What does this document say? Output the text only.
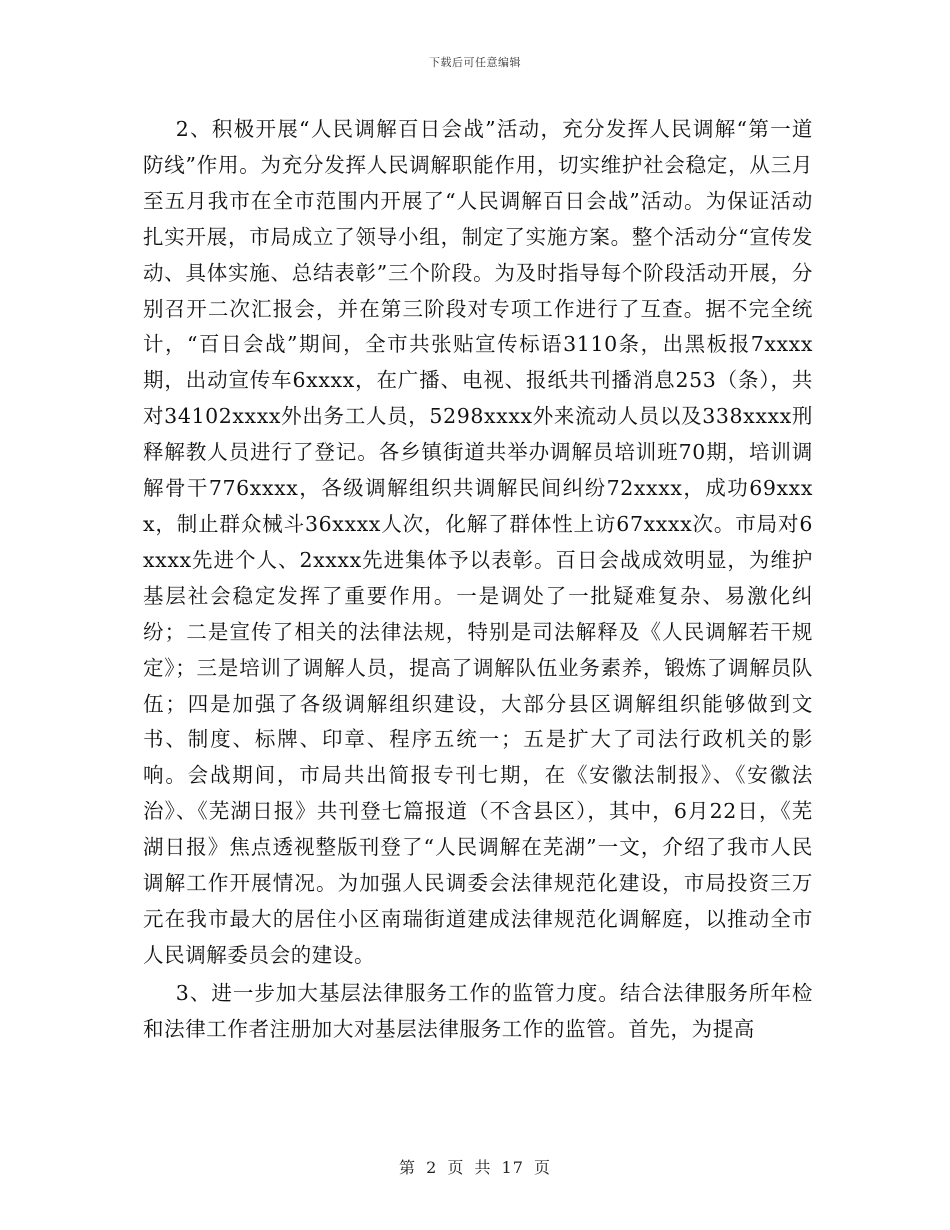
下载后可任意编辑

2、积极开展“人民调解百日会战”活动，充分发挥人民调解“第一道防线”作用。为充分发挥人民调解职能作用，切实维护社会稳定，从三月至五月我市在全市范围内开展了“人民调解百日会战”活动。为保证活动扎实开展，市局成立了领导小组，制定了实施方案。整个活动分“宣传发动、具体实施、总结表彰”三个阶段。为及时指导每个阶段活动开展，分别召开二次汇报会，并在第三阶段对专项工作进行了互查。据不完全统计，“百日会战”期间，全市共张贴宣传标语3110条，出黑板报7xxxx期，出动宣传车6xxxx，在广播、电视、报纸共刊播消息253（条），共对34102xxxx外出务工人员，5298xxxx外来流动人员以及338xxxx刑释解教人员进行了登记。各乡镇街道共举办调解员培训班70期，培训调解骨干776xxxx，各级调解组织共调解民间纠纷72xxxx，成功69xxxx，制止群众械斗36xxxx人次，化解了群体性上访67xxxx次。市局对6xxxx先进个人、2xxxx先进集体予以表彰。百日会战成效明显，为维护基层社会稳定发挥了重要作用。一是调处了一批疑难复杂、易激化纠纷；二是宣传了相关的法律法规，特别是司法解释及《人民调解若干规定》；三是培训了调解人员，提高了调解队伍业务素养，锻炼了调解员队伍；四是加强了各级调解组织建设，大部分县区调解组织能够做到文书、制度、标牌、印章、程序五统一；五是扩大了司法行政机关的影响。会战期间，市局共出简报专刊七期，在《安徽法制报》、《安徽法治》、《芜湖日报》共刊登七篇报道（不含县区），其中，6月22日，《芜湖日报》焦点透视整版刊登了“人民调解在芜湖”一文，介绍了我市人民调解工作开展情况。为加强人民调委会法律规范化建设，市局投资三万元在我市最大的居住小区南瑞街道建成法律规范化调解庭，以推动全市人民调解委员会的建设。

3、进一步加大基层法律服务工作的监管力度。结合法律服务所年检和法律工作者注册加大对基层法律服务工作的监管。首先，为提高

第 2 页 共 17 页
